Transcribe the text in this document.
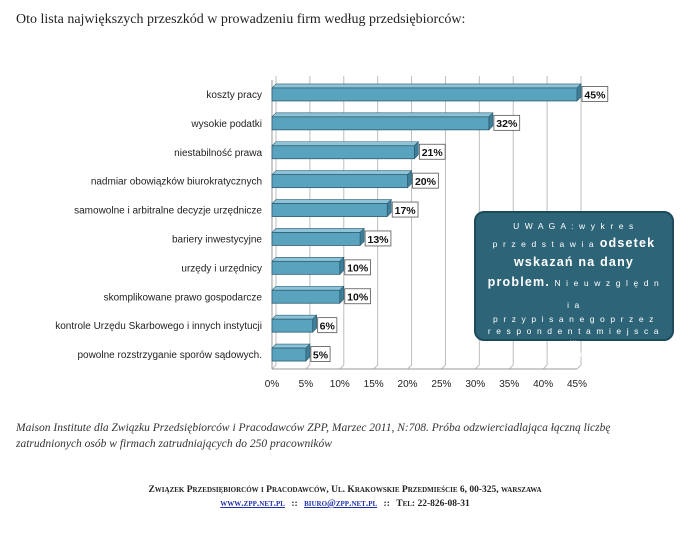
Oto lista największych przeszkód w prowadzeniu firm według przedsiębiorców:
koszty pracy
wysokie podatki
niestabilność prawa
nadmiar obowiązków biurokratycznych
samowolne i arbitralne decyzje urzędnicze
bariery inwestycyjne
urzędy i urzędnicy
skomplikowane prawo gospodarcze
kontrole Urzędu Skarbowego i innych instytucji
powolne rozstrzyganie sporów sądowych.
0% 5% 10% 15% 20% 25% 30% 35% 40% 45%
45%
32%
21%
20%
17%
13%
10%
10%
6%
5%
U W A G A : w y k r e s
p r z e d s t a w i a odsetek
wskazań na dany
problem. N i e u w z g l ę d n i a
p r z y p i s a n e g o p r z e z
r e s p o n d e n t a m i e j s c a w
r a n k i n g u .
Maison Institute dla Związku Przedsiębiorców i Pracodawców ZPP, Marzec 2011, N:708. Próba odzwierciadlająca łączną liczbę zatrudnionych osób w firmach zatrudniających do 250 pracowników
Związek Przedsiębiorców i Pracodawców, Ul. Krakowskie Przedmieście 6, 00-325, warszawa
www.zpp.net.pl :: biuro@zpp.net.pl :: Tel: 22-826-08-31
